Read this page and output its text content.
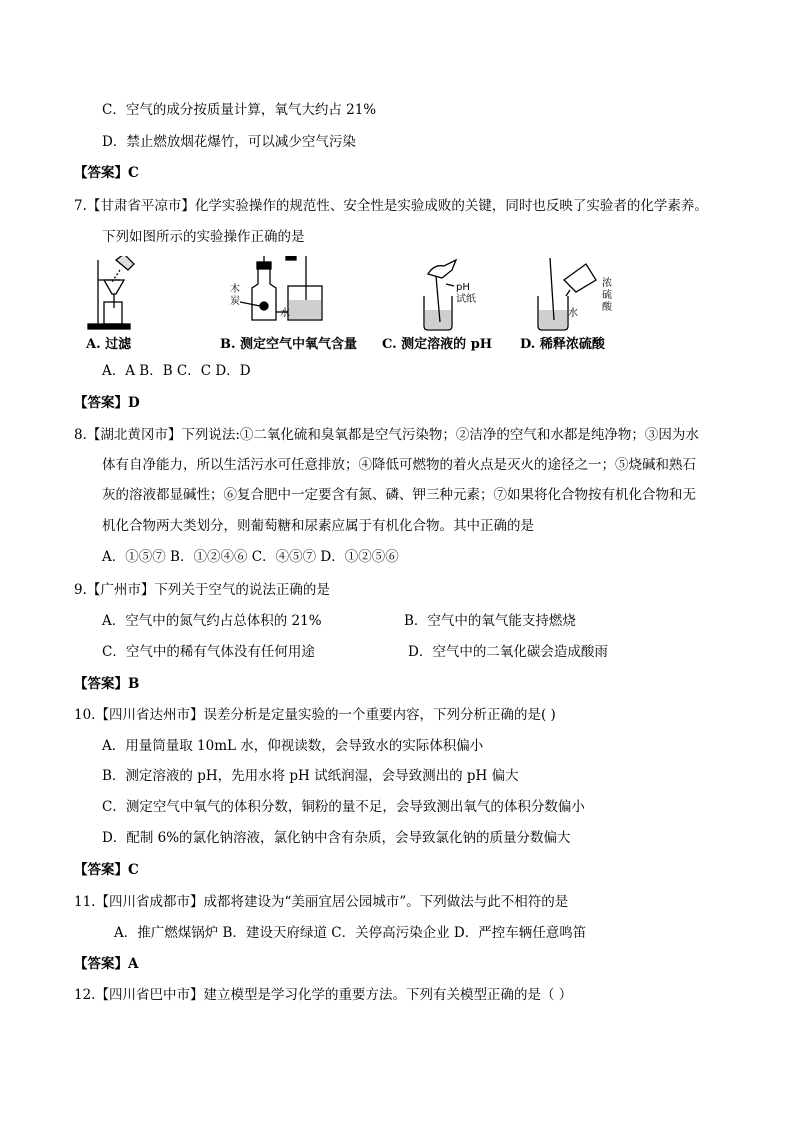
C．空气的成分按质量计算，氧气大约占 21%
D．禁止燃放烟花爆竹，可以减少空气污染
【答案】C
7.【甘肃省平凉市】化学实验操作的规范性、安全性是实验成败的关键，同时也反映了实验者的化学素养。
下列如图所示的实验操作正确的是
木
炭
水
pH
试纸
水
浓
硫
酸
A. 过滤	B. 测定空气中氧气含量 C. 测定溶液的 pH D. 稀释浓硫酸
A．A B．B C．C D．D
【答案】D
8.【湖北黄冈市】下列说法:①二氧化硫和臭氧都是空气污染物；②洁净的空气和水都是纯净物；③因为水
体有自净能力，所以生活污水可任意排放；④降低可燃物的着火点是灭火的途径之一；⑤烧碱和熟石
灰的溶液都显碱性；⑥复合肥中一定要含有氮、磷、钾三种元素；⑦如果将化合物按有机化合物和无
机化合物两大类划分，则葡萄糖和尿素应属于有机化合物。其中正确的是
A．①⑤⑦ B．①②④⑥ C．④⑤⑦ D．①②⑤⑥
9.【广州市】下列关于空气的说法正确的是
A．空气中的氮气约占总体积的 21%	B．空气中的氧气能支持燃烧
C．空气中的稀有气体没有任何用途	D．空气中的二氧化碳会造成酸雨
【答案】B
10.【四川省达州市】误差分析是定量实验的一个重要内容，下列分析正确的是( )
A．用量筒量取 10mL 水，仰视读数，会导致水的实际体积偏小
B．测定溶液的 pH，先用水将 pH 试纸润湿，会导致测出的 pH 偏大
C．测定空气中氧气的体积分数，铜粉的量不足，会导致测出氧气的体积分数偏小
D．配制 6%的氯化钠溶液，氯化钠中含有杂质，会导致氯化钠的质量分数偏大
【答案】C
11.【四川省成都市】成都将建设为“美丽宜居公园城市”。下列做法与此不相符的是
A．推广燃煤锅炉 B．建设天府绿道 C．关停高污染企业 D．严控车辆任意鸣笛
【答案】A
12.【四川省巴中市】建立模型是学习化学的重要方法。下列有关模型正确的是（ ）
